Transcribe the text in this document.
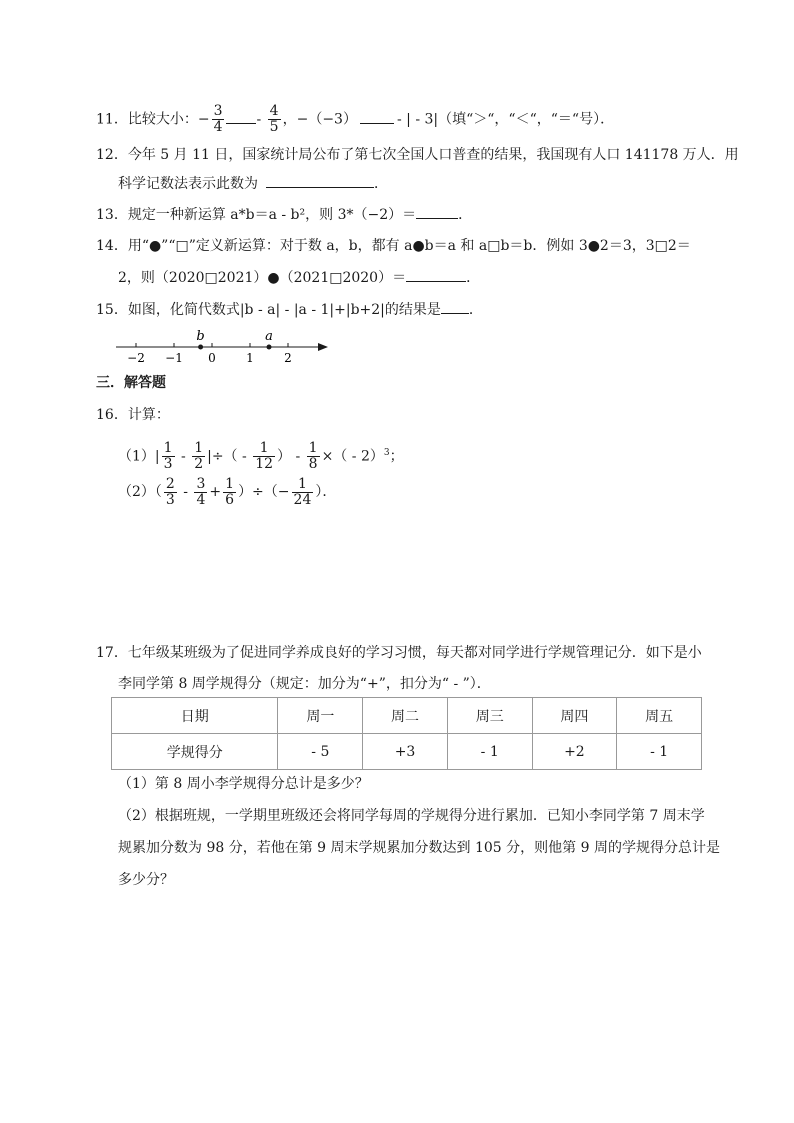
11．比较大小：− $\frac{3}{4} - \frac{4}{5}$ ，−（−3）	- | - 3|（填“＞“，“＜“，“＝“号）．
12．今年 5 月 11 日，国家统计局公布了第七次全国人口普查的结果，我国现有人口 141178 万人．用
科学记数法表示此数为	．
13．规定一种新运算 a*b＝a - b²，则 3*（−2）＝	．
14．用“●”“□”定义新运算：对于数 a，b，都有 a●b＝a 和 a□b＝b．例如 3●2＝3，3□2＝
2，则（2020□2021）●（2021□2020）＝	．
15．如图，化简代数式|b - a| - |a - 1|+|b+2|的结果是 ．
−2 −1 0	1	2
b	a
三．解答题
16．计算：
$(1)| \frac{1}{3} - \frac{1}{2}$ |÷（ - $\frac{1}{12}$ ） - $\frac{1}{8}$ ×（ - 2）$^3$；
$(2)( \frac{2}{3} - \frac{3}{4} + \frac{1}{6}$ ）÷（− $\frac{1}{24}$ ）．
17．七年级某班级为了促进同学养成良好的学习习惯，每天都对同学进行学规管理记分．如下是小
李同学第 8 周学规得分（规定：加分为“+”，扣分为“ - ”）．
日期	周一	周二	周三	周四	周五
学规得分	- 5	+3	- 1	+2	- 1
（1）第 8 周小李学规得分总计是多少？
（2）根据班规，一学期里班级还会将同学每周的学规得分进行累加．已知小李同学第 7 周末学
规累加分数为 98 分，若他在第 9 周末学规累加分数达到 105 分，则他第 9 周的学规得分总计是
多少分？
